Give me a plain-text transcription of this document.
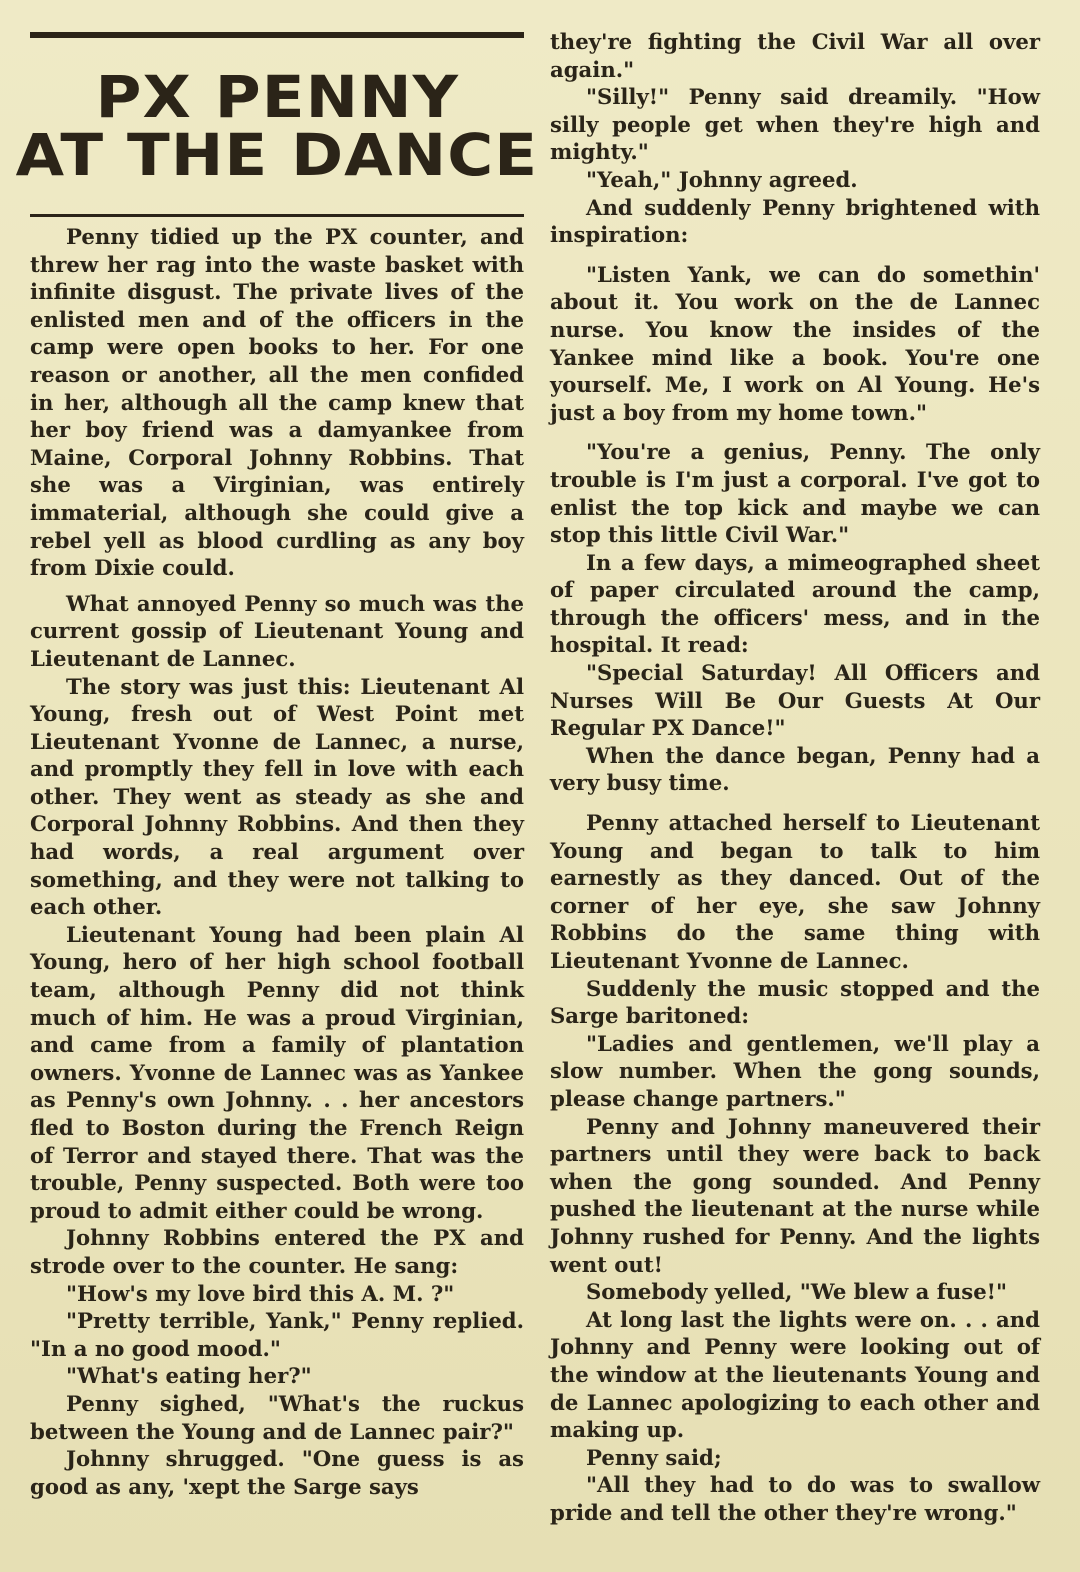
PX PENNY
AT THE DANCE

Penny tidied up the PX counter, and threw her rag into the waste basket with infinite disgust. The private lives of the enlisted men and of the officers in the camp were open books to her. For one reason or another, all the men confided in her, although all the camp knew that her boy friend was a damyankee from Maine, Corporal Johnny Robbins. That she was a Virginian, was entirely immaterial, although she could give a rebel yell as blood curdling as any boy from Dixie could.

What annoyed Penny so much was the current gossip of Lieutenant Young and Lieutenant de Lannec.

The story was just this: Lieutenant Al Young, fresh out of West Point met Lieutenant Yvonne de Lannec, a nurse, and promptly they fell in love with each other. They went as steady as she and Corporal Johnny Robbins. And then they had words, a real argument over something, and they were not talking to each other.

Lieutenant Young had been plain Al Young, hero of her high school football team, although Penny did not think much of him. He was a proud Virginian, and came from a family of plantation owners. Yvonne de Lannec was as Yankee as Penny's own Johnny. . . her ancestors fled to Boston during the French Reign of Terror and stayed there. That was the trouble, Penny suspected. Both were too proud to admit either could be wrong.

Johnny Robbins entered the PX and strode over to the counter. He sang:

"How's my love bird this A. M. ?"

"Pretty terrible, Yank," Penny replied. "In a no good mood."

"What's eating her?"

Penny sighed, "What's the ruckus between the Young and de Lannec pair?"

Johnny shrugged. "One guess is as good as any, 'xept the Sarge says

they're fighting the Civil War all over again."

"Silly!" Penny said dreamily. "How silly people get when they're high and mighty."

"Yeah," Johnny agreed.

And suddenly Penny brightened with inspiration:

"Listen Yank, we can do somethin' about it. You work on the de Lannec nurse. You know the insides of the Yankee mind like a book. You're one yourself. Me, I work on Al Young. He's just a boy from my home town."

"You're a genius, Penny. The only trouble is I'm just a corporal. I've got to enlist the top kick and maybe we can stop this little Civil War."

In a few days, a mimeographed sheet of paper circulated around the camp, through the officers' mess, and in the hospital. It read:

"Special Saturday! All Officers and Nurses Will Be Our Guests At Our Regular PX Dance!"

When the dance began, Penny had a very busy time.

Penny attached herself to Lieutenant Young and began to talk to him earnestly as they danced. Out of the corner of her eye, she saw Johnny Robbins do the same thing with Lieutenant Yvonne de Lannec.

Suddenly the music stopped and the Sarge baritoned:

"Ladies and gentlemen, we'll play a slow number. When the gong sounds, please change partners."

Penny and Johnny maneuvered their partners until they were back to back when the gong sounded. And Penny pushed the lieutenant at the nurse while Johnny rushed for Penny. And the lights went out!

Somebody yelled, "We blew a fuse!"

At long last the lights were on. . . and Johnny and Penny were looking out of the window at the lieutenants Young and de Lannec apologizing to each other and making up.

Penny said;

"All they had to do was to swallow pride and tell the other they're wrong."
